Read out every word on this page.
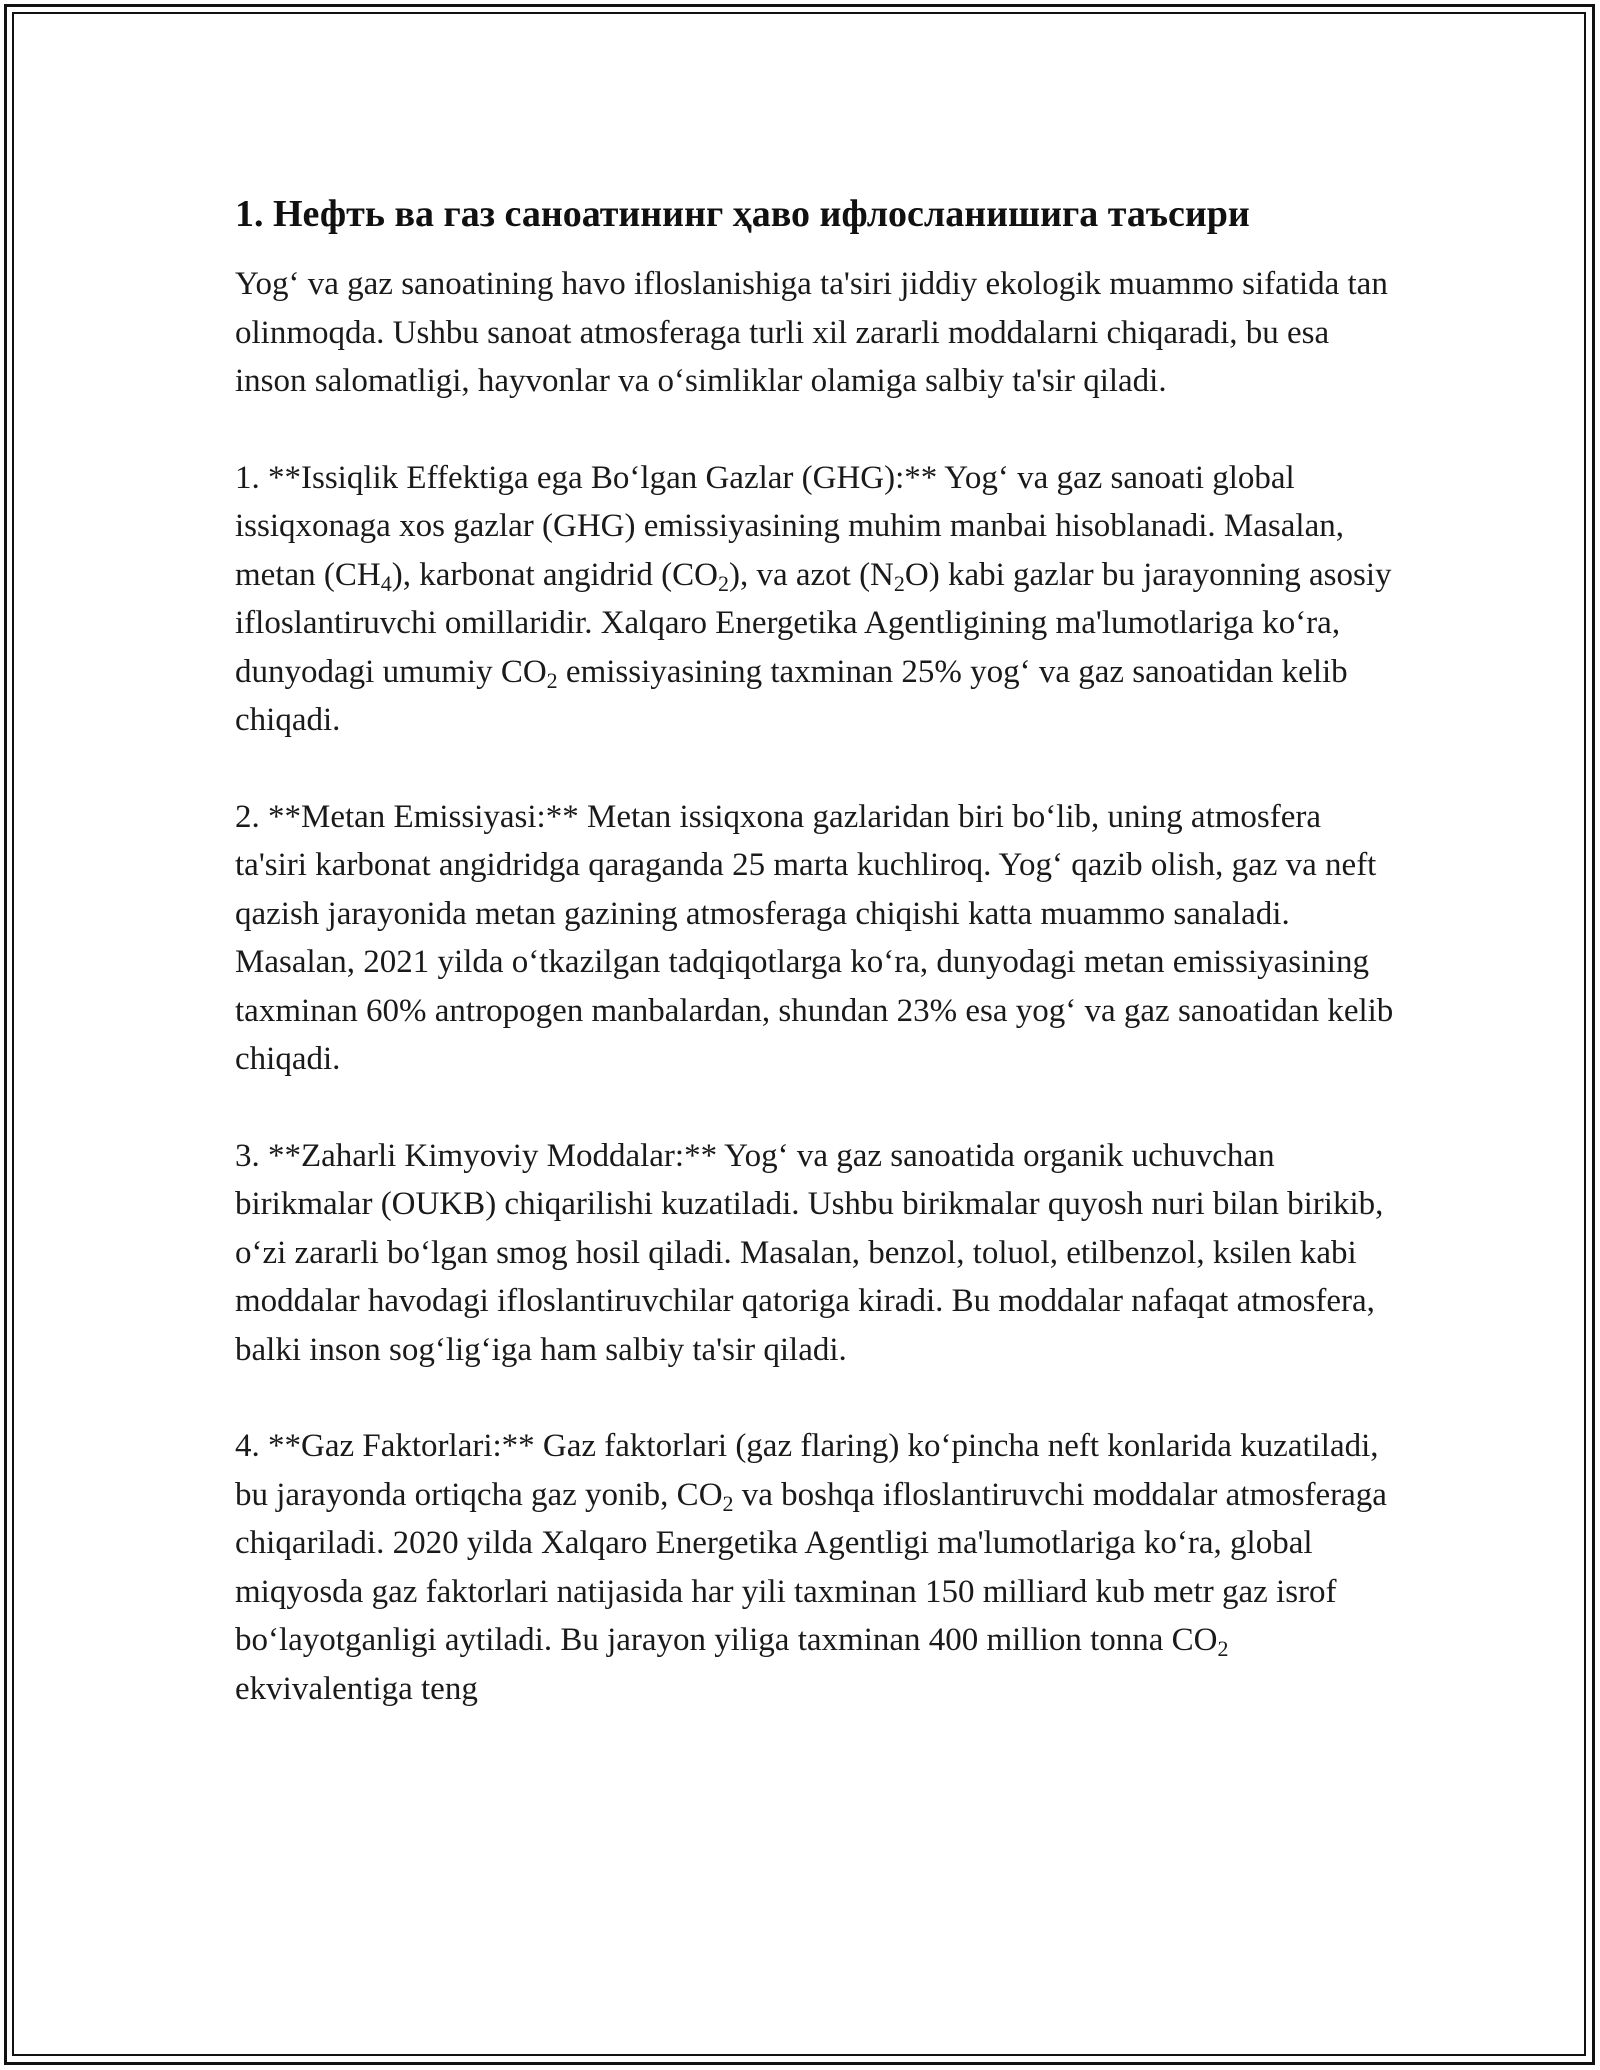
1. Нефть ва газ саноатининг ҳаво ифлосланишига таъсири

Yog‘ va gaz sanoatining havo ifloslanishiga ta'siri jiddiy ekologik muammo sifatida tan olinmoqda. Ushbu sanoat atmosferaga turli xil zararli moddalarni chiqaradi, bu esa inson salomatligi, hayvonlar va o‘simliklar olamiga salbiy ta'sir qiladi.

1. **Issiqlik Effektiga ega Bo‘lgan Gazlar (GHG):** Yog‘ va gaz sanoati global issiqxonaga xos gazlar (GHG) emissiyasining muhim manbai hisoblanadi. Masalan, metan $(CH_4)$, karbonat angidrid $(CO_2)$, va azot $(N_2O)$ kabi gazlar bu jarayonning asosiy ifloslantiruvchi omillaridir. Xalqaro Energetika Agentligining ma'lumotlariga ko‘ra, dunyodagi umumiy $CO_2$ emissiyasining taxminan 25% yog‘ va gaz sanoatidan kelib chiqadi.

2. **Metan Emissiyasi:** Metan issiqxona gazlaridan biri bo‘lib, uning atmosfera ta'siri karbonat angidridga qaraganda 25 marta kuchliroq. Yog‘ qazib olish, gaz va neft qazish jarayonida metan gazining atmosferaga chiqishi katta muammo sanaladi. Masalan, 2021 yilda o‘tkazilgan tadqiqotlarga ko‘ra, dunyodagi metan emissiyasining taxminan 60% antropogen manbalardan, shundan 23% esa yog‘ va gaz sanoatidan kelib chiqadi.

3. **Zaharli Kimyoviy Moddalar:** Yog‘ va gaz sanoatida organik uchuvchan birikmalar (OUKB) chiqarilishi kuzatiladi. Ushbu birikmalar quyosh nuri bilan birikib, o‘zi zararli bo‘lgan smog hosil qiladi. Masalan, benzol, toluol, etilbenzol, ksilen kabi moddalar havodagi ifloslantiruvchilar qatoriga kiradi. Bu moddalar nafaqat atmosfera, balki inson sog‘lig‘iga ham salbiy ta'sir qiladi.

4. **Gaz Faktorlari:** Gaz faktorlari (gaz flaring) ko‘pincha neft konlarida kuzatiladi, bu jarayonda ortiqcha gaz yonib, $CO_2$ va boshqa ifloslantiruvchi moddalar atmosferaga chiqariladi. 2020 yilda Xalqaro Energetika Agentligi ma'lumotlariga ko‘ra, global miqyosda gaz faktorlari natijasida har yili taxminan 150 milliard kub metr gaz isrof bo‘layotganligi aytiladi. Bu jarayon yiliga taxminan 400 million tonna $CO_2$ ekvivalentiga teng
